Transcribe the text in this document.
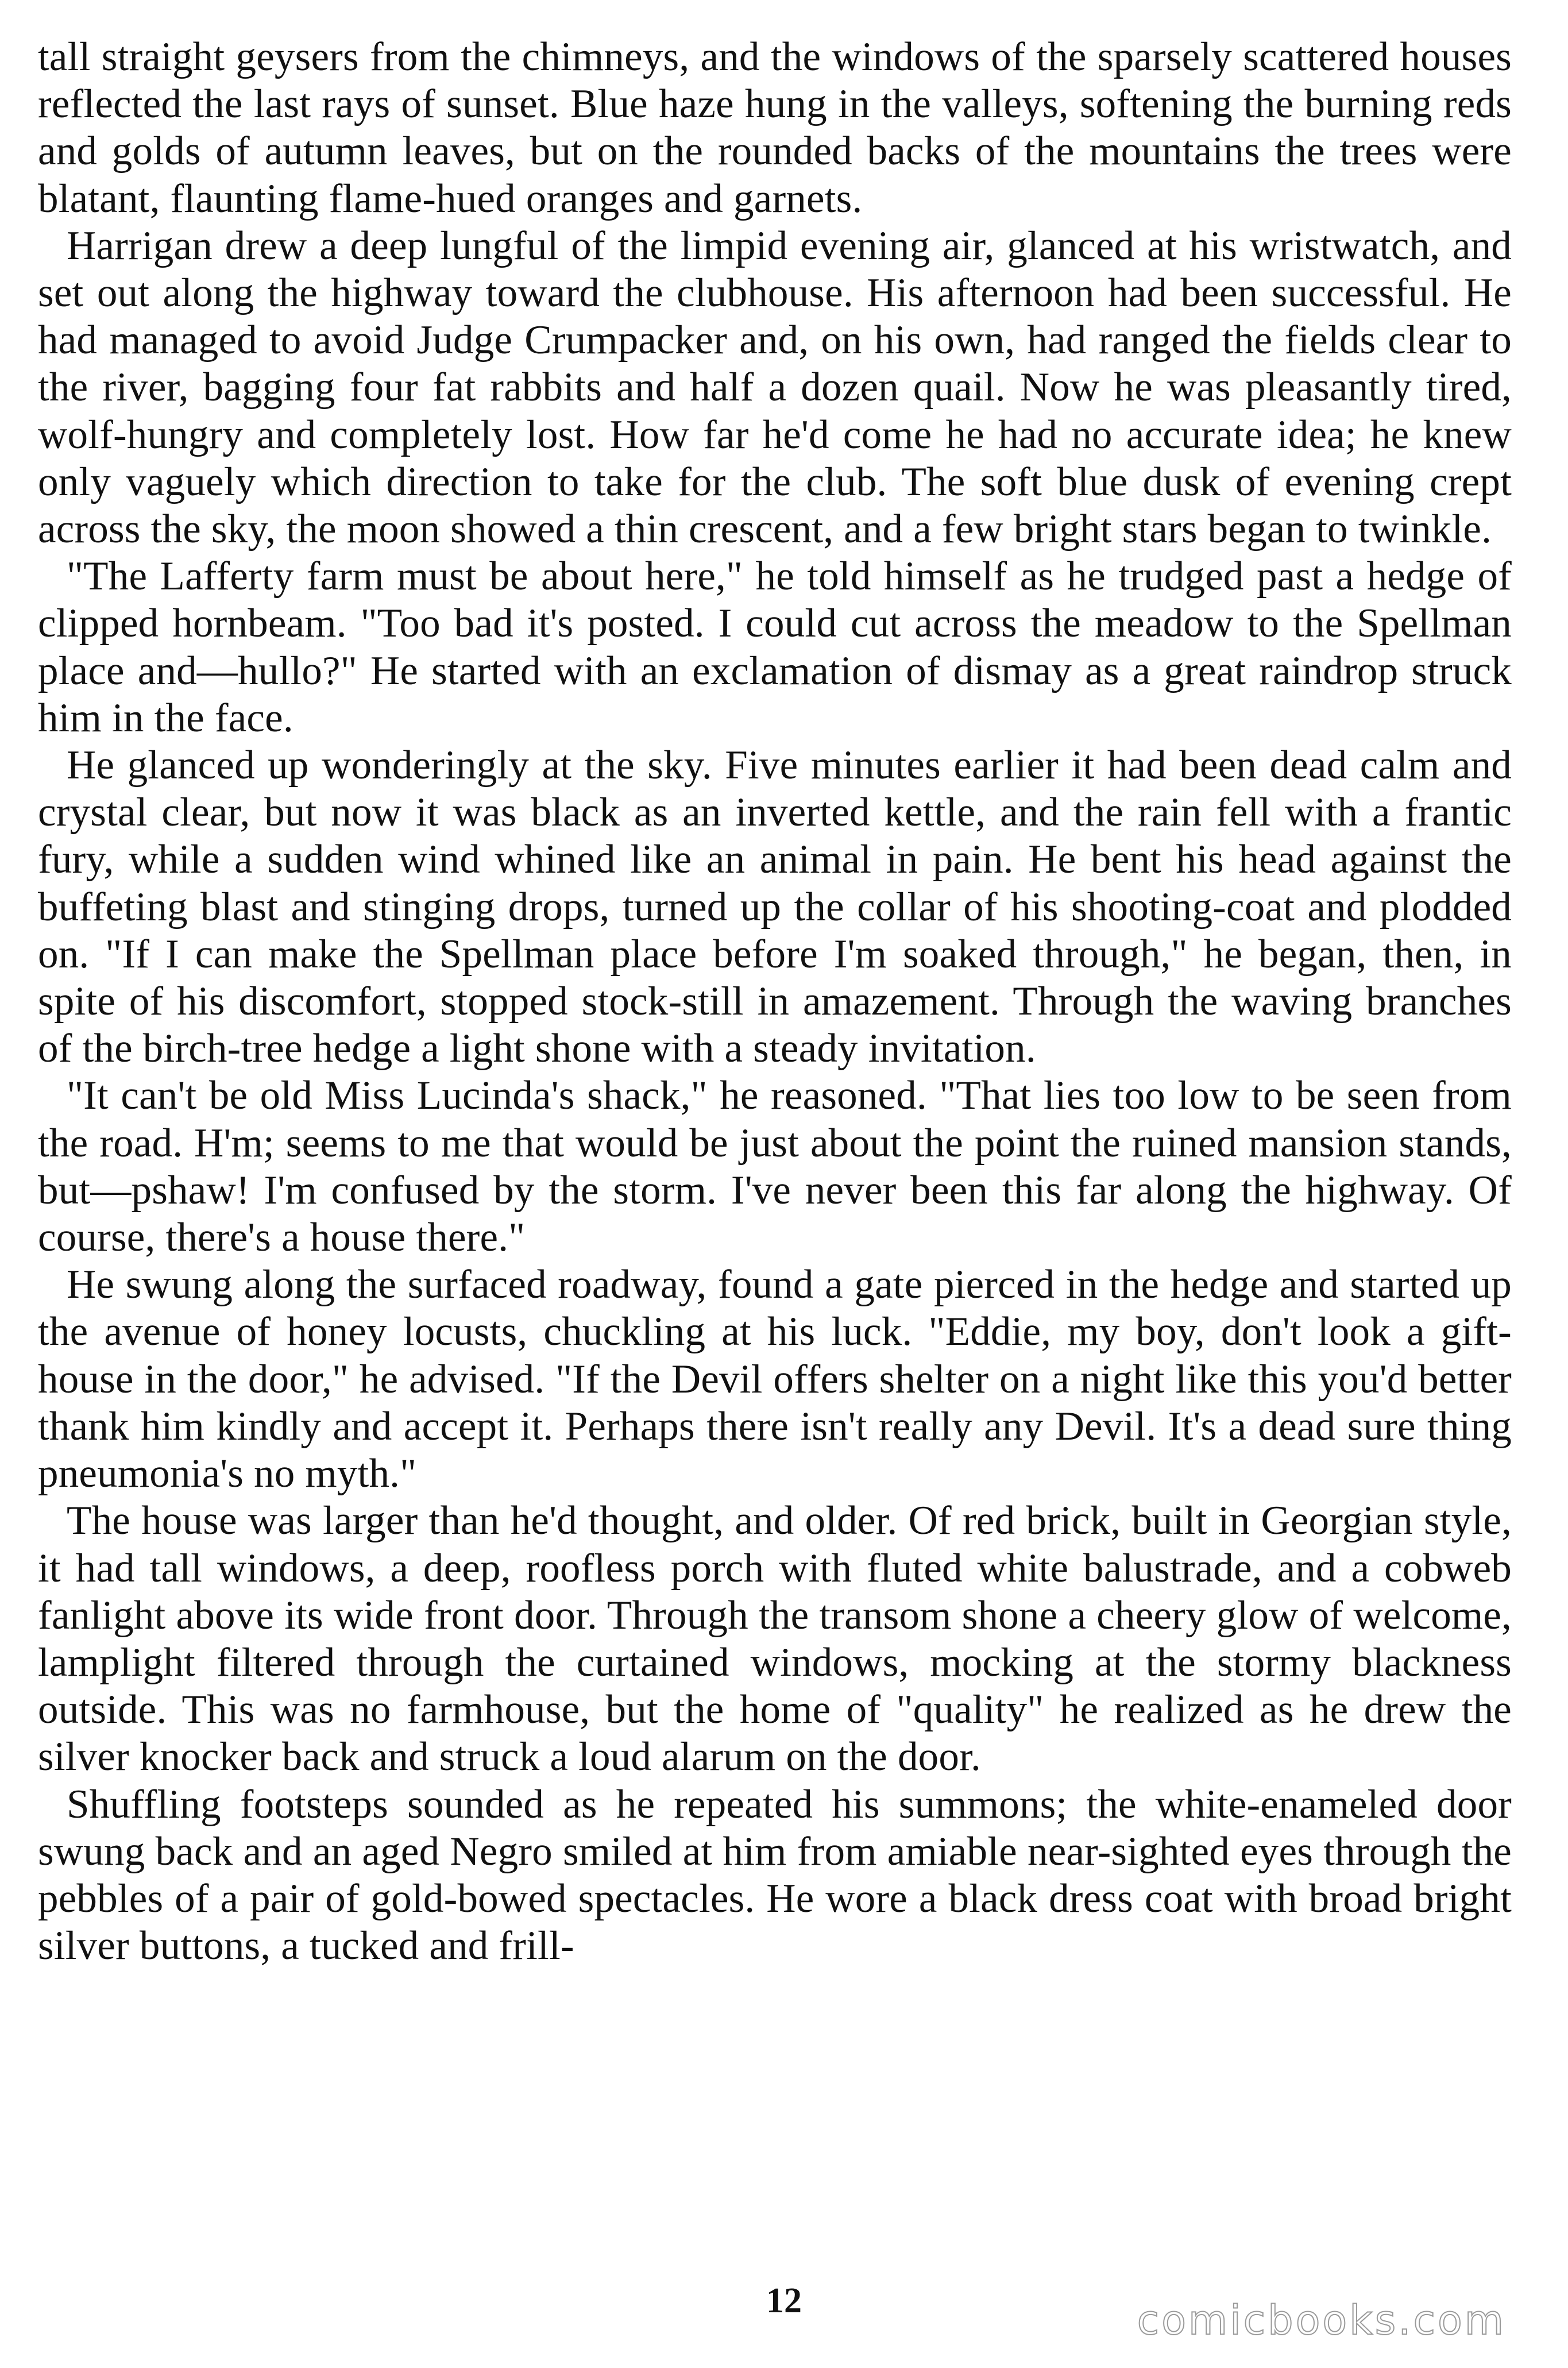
tall straight geysers from the chimneys, and the windows of the sparsely scattered houses reflected the last rays of sunset. Blue haze hung in the valleys, softening the burning reds and golds of autumn leaves, but on the rounded backs of the mountains the trees were blatant, flaunting flame-hued oranges and garnets.

Harrigan drew a deep lungful of the limpid evening air, glanced at his wristwatch, and set out along the highway toward the clubhouse. His afternoon had been successful. He had managed to avoid Judge Crumpacker and, on his own, had ranged the fields clear to the river, bagging four fat rabbits and half a dozen quail. Now he was pleasantly tired, wolf-hungry and completely lost. How far he'd come he had no accurate idea; he knew only vaguely which direction to take for the club. The soft blue dusk of evening crept across the sky, the moon showed a thin crescent, and a few bright stars began to twinkle.

"The Lafferty farm must be about here," he told himself as he trudged past a hedge of clipped hornbeam. "Too bad it's posted. I could cut across the meadow to the Spellman place and—hullo?" He started with an exclamation of dismay as a great raindrop struck him in the face.

He glanced up wonderingly at the sky. Five minutes earlier it had been dead calm and crystal clear, but now it was black as an inverted kettle, and the rain fell with a frantic fury, while a sudden wind whined like an animal in pain. He bent his head against the buffeting blast and stinging drops, turned up the collar of his shooting-coat and plodded on. "If I can make the Spellman place before I'm soaked through," he began, then, in spite of his discomfort, stopped stock-still in amazement. Through the waving branches of the birch-tree hedge a light shone with a steady invitation.

"It can't be old Miss Lucinda's shack," he reasoned. "That lies too low to be seen from the road. H'm; seems to me that would be just about the point the ruined mansion stands, but—pshaw! I'm confused by the storm. I've never been this far along the highway. Of course, there's a house there."

He swung along the surfaced roadway, found a gate pierced in the hedge and started up the avenue of honey locusts, chuckling at his luck. "Eddie, my boy, don't look a gift-house in the door," he advised. "If the Devil offers shelter on a night like this you'd better thank him kindly and accept it. Perhaps there isn't really any Devil. It's a dead sure thing pneumonia's no myth."

The house was larger than he'd thought, and older. Of red brick, built in Georgian style, it had tall windows, a deep, roofless porch with fluted white balustrade, and a cobweb fanlight above its wide front door. Through the transom shone a cheery glow of welcome, lamplight filtered through the curtained windows, mocking at the stormy blackness outside. This was no farmhouse, but the home of "quality" he realized as he drew the silver knocker back and struck a loud alarum on the door.

Shuffling footsteps sounded as he repeated his summons; the white-enameled door swung back and an aged Negro smiled at him from amiable near-sighted eyes through the pebbles of a pair of gold-bowed spectacles. He wore a black dress coat with broad bright silver buttons, a tucked and frill-

12	comicbooks.com
